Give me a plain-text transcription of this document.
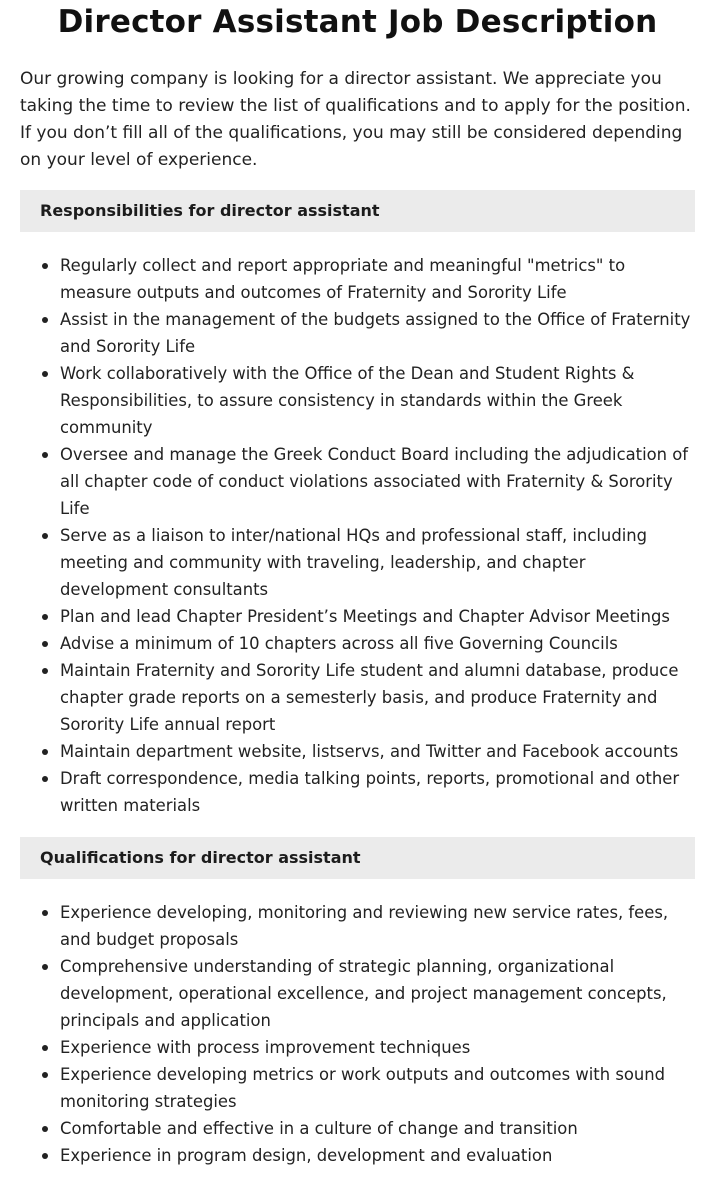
Director Assistant Job Description

Our growing company is looking for a director assistant. We appreciate you taking the time to review the list of qualifications and to apply for the position. If you don’t fill all of the qualifications, you may still be considered depending on your level of experience.

Responsibilities for director assistant
Regularly collect and report appropriate and meaningful "metrics" to measure outputs and outcomes of Fraternity and Sorority Life
Assist in the management of the budgets assigned to the Office of Fraternity and Sorority Life
Work collaboratively with the Office of the Dean and Student Rights & Responsibilities, to assure consistency in standards within the Greek community
Oversee and manage the Greek Conduct Board including the adjudication of all chapter code of conduct violations associated with Fraternity & Sorority Life
Serve as a liaison to inter/national HQs and professional staff, including meeting and community with traveling, leadership, and chapter development consultants
Plan and lead Chapter President’s Meetings and Chapter Advisor Meetings
Advise a minimum of 10 chapters across all five Governing Councils
Maintain Fraternity and Sorority Life student and alumni database, produce chapter grade reports on a semesterly basis, and produce Fraternity and Sorority Life annual report
Maintain department website, listservs, and Twitter and Facebook accounts
Draft correspondence, media talking points, reports, promotional and other written materials
Qualifications for director assistant
Experience developing, monitoring and reviewing new service rates, fees, and budget proposals
Comprehensive understanding of strategic planning, organizational development, operational excellence, and project management concepts, principals and application
Experience with process improvement techniques
Experience developing metrics or work outputs and outcomes with sound monitoring strategies
Comfortable and effective in a culture of change and transition
Experience in program design, development and evaluation
